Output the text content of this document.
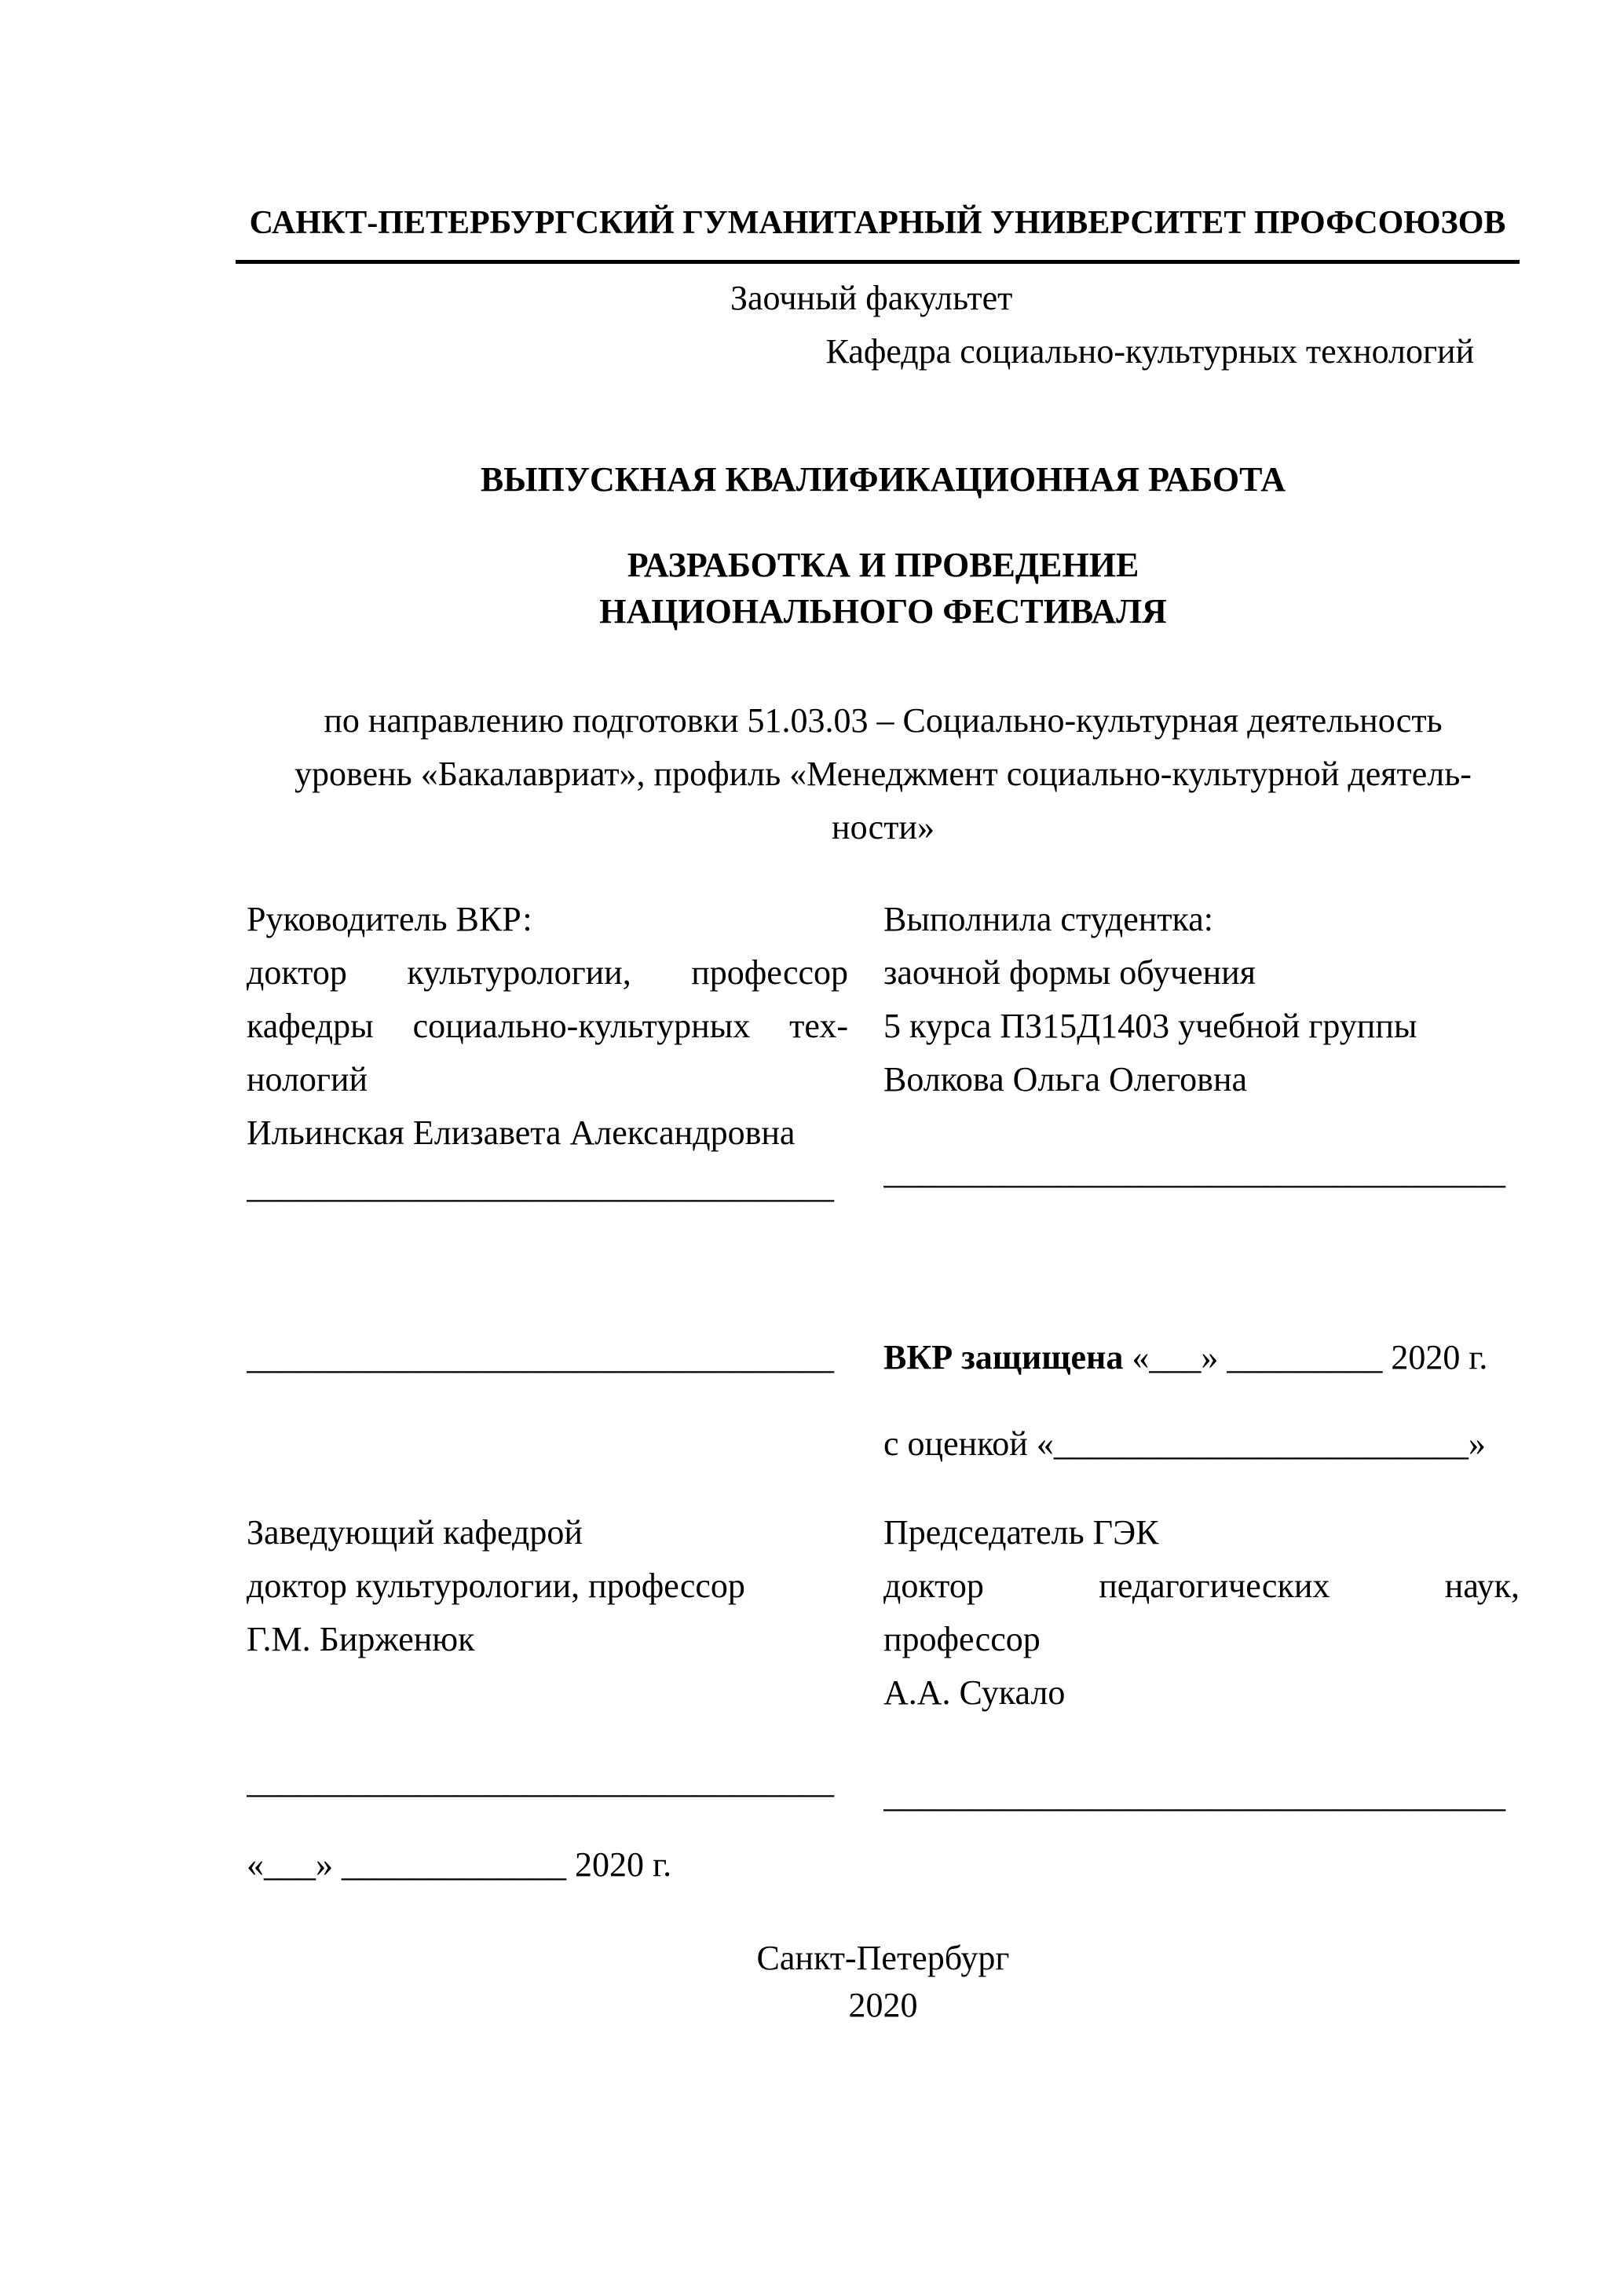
САНКТ-ПЕТЕРБУРГСКИЙ ГУМАНИТАРНЫЙ УНИВЕРСИТЕТ ПРОФСОЮЗОВ
Заочный факультет
Кафедра социально-культурных технологий
ВЫПУСКНАЯ КВАЛИФИКАЦИОННАЯ РАБОТА
РАЗРАБОТКА И ПРОВЕДЕНИЕ
НАЦИОНАЛЬНОГО ФЕСТИВАЛЯ
по направлению подготовки 51.03.03 – Социально-культурная деятельность
уровень «Бакалавриат», профиль «Менеджмент социально-культурной деятель-
ности»
Руководитель ВКР:
доктор культурологии, профессор
кафедры социально-культурных тех-
нологий
Ильинская Елизавета Александровна
__________________________________
Выполнила студентка:
заочной формы обучения
5 курса ПЗ15Д1403 учебной группы
Волкова Ольга Олеговна
____________________________________
__________________________________	ВКР защищена «___» _________ 2020 г.
с оценкой «________________________»
Заведующий кафедрой
доктор культурологии, профессор
Г.М. Бирженюк
Председатель ГЭК
доктор педагогических наук,
профессор
А.А. Сукало
__________________________________	____________________________________
«___» _____________ 2020 г.
Санкт-Петербург
2020
